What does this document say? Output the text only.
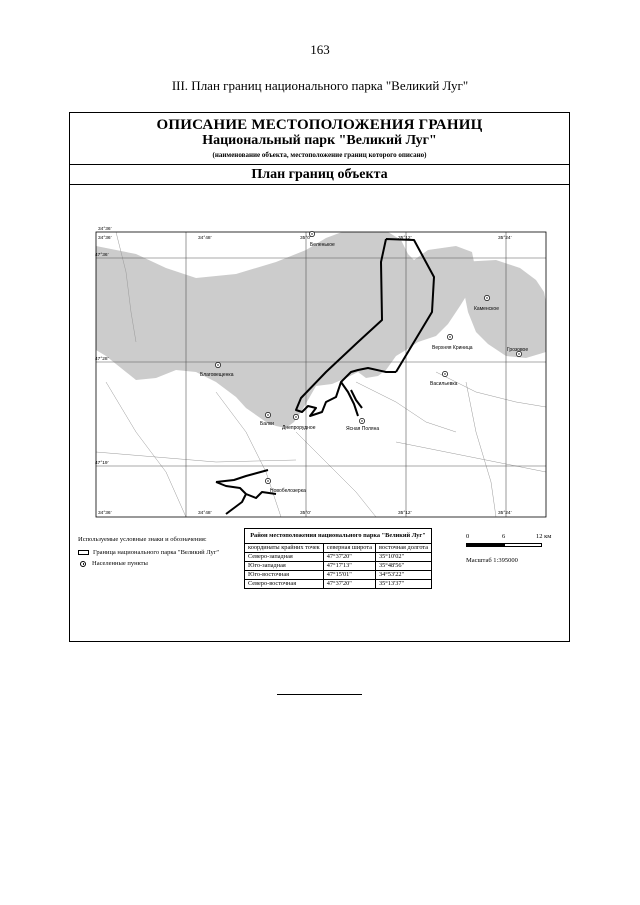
163
III. План границ национального парка "Великий Луг"
ОПИСАНИЕ МЕСТОПОЛОЖЕНИЯ ГРАНИЦ
Национальный парк "Великий Луг"
(наименование объекта, местоположение границ которого описано)
План границ объекта
34°36'
34°36'	34°48'	35°0'	35°12'	35°24'
34°36'	34°48'	35°0'	35°12'	35°24'
47°36'
47°28'
47°19'
Беленькое
Каменское
Верхняя Криница	Грозовое
Васильевка
Благовещенка
Балки
Днепрорудное	Ясная Поляна
Новобелозерка
Используемые условные знаки и обозначения:
Граница национального парка "Великий Луг"
Населенные пункты
Район местоположения национального парка "Великий Луг"		
координаты крайних точек	северная широта	восточная долгота
Северо-западная	47°37'20"	35°10'02"
Юго-западная	47°17'13"	35°48'56"
Юго-восточная	47°15'01"	34°53'22"
Северо-восточная	47°37'20"	35°13'37"
0	6	12 км
Масштаб 1:395000
